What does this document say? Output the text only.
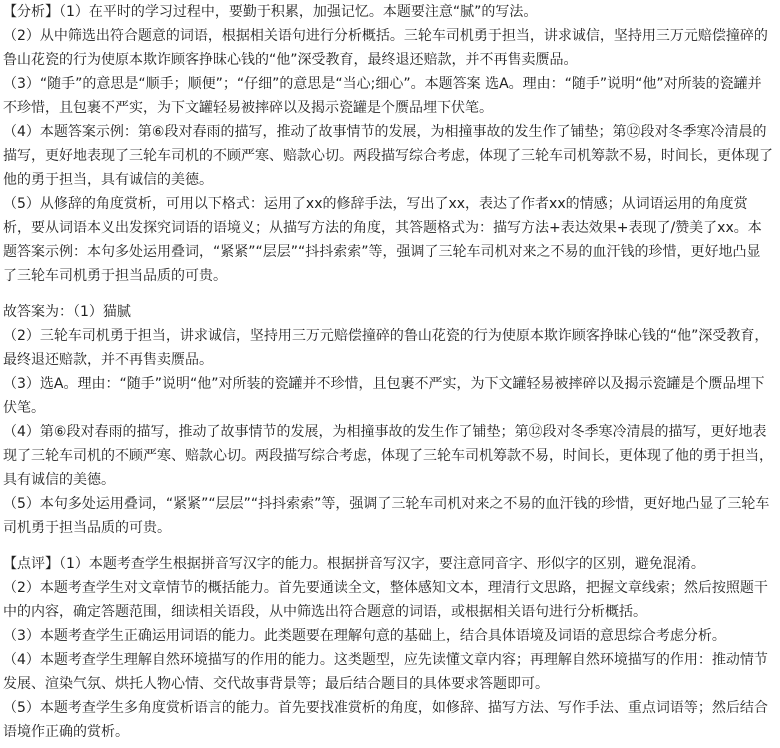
【分析】（1）在平时的学习过程中，要勤于积累，加强记忆。本题要注意“腻”的写法。

（2）从中筛选出符合题意的词语，根据相关语句进行分析概括。三轮车司机勇于担当，讲求诚信，坚持用三万元赔偿撞碎的鲁山花瓷的行为使原本欺诈顾客挣昧心钱的“他”深受教育，最终退还赔款，并不再售卖赝品。

（3）“随手”的意思是“顺手；顺便”；“仔细”的意思是“当心;细心”。本题答案 选A。理由：“随手”说明“他”对所装的瓷罐并不珍惜，且包裹不严实，为下文罐轻易被摔碎以及揭示瓷罐是个赝品埋下伏笔。

（4）本题答案示例：第⑥段对春雨的描写，推动了故事情节的发展，为相撞事故的发生作了铺垫；第⑫段对冬季寒冷清晨的描写，更好地表现了三轮车司机的不顾严寒、赔款心切。两段描写综合考虑，体现了三轮车司机筹款不易，时间长，更体现了他的勇于担当，具有诚信的美德。

（5）从修辞的角度赏析，可用以下格式：运用了xx的修辞手法，写出了xx，表达了作者xx的情感；从词语运用的角度赏析，要从词语本义出发探究词语的语境义；从描写方法的角度，其答题格式为：描写方法+表达效果+表现了/赞美了xx。本题答案示例：本句多处运用叠词，“紧紧”“层层”“抖抖索索”等，强调了三轮车司机对来之不易的血汗钱的珍惜，更好地凸显了三轮车司机勇于担当品质的可贵。

故答案为：（1）猫腻

（2）三轮车司机勇于担当，讲求诚信，坚持用三万元赔偿撞碎的鲁山花瓷的行为使原本欺诈顾客挣昧心钱的“他”深受教育，最终退还赔款，并不再售卖赝品。

（3）选A。理由：“随手”说明“他”对所装的瓷罐并不珍惜，且包裹不严实，为下文罐轻易被摔碎以及揭示瓷罐是个赝品埋下伏笔。

（4）第⑥段对春雨的描写，推动了故事情节的发展，为相撞事故的发生作了铺垫；第⑫段对冬季寒冷清晨的描写，更好地表现了三轮车司机的不顾严寒、赔款心切。两段描写综合考虑，体现了三轮车司机筹款不易，时间长，更体现了他的勇于担当，具有诚信的美德。

（5）本句多处运用叠词，“紧紧”“层层”“抖抖索索”等，强调了三轮车司机对来之不易的血汗钱的珍惜，更好地凸显了三轮车司机勇于担当品质的可贵。

【点评】（1）本题考查学生根据拼音写汉字的能力。根据拼音写汉字，要注意同音字、形似字的区别，避免混淆。

（2）本题考查学生对文章情节的概括能力。首先要通读全文，整体感知文本，理清行文思路，把握文章线索；然后按照题干中的内容，确定答题范围，细读相关语段，从中筛选出符合题意的词语，或根据相关语句进行分析概括。

（3）本题考查学生正确运用词语的能力。此类题要在理解句意的基础上，结合具体语境及词语的意思综合考虑分析。

（4）本题考查学生理解自然环境描写的作用的能力。这类题型，应先读懂文章内容；再理解自然环境描写的作用：推动情节发展、渲染气氛、烘托人物心情、交代故事背景等；最后结合题目的具体要求答题即可。

（5）本题考查学生多角度赏析语言的能力。首先要找准赏析的角度，如修辞、描写方法、写作手法、重点词语等；然后结合语境作正确的赏析。
